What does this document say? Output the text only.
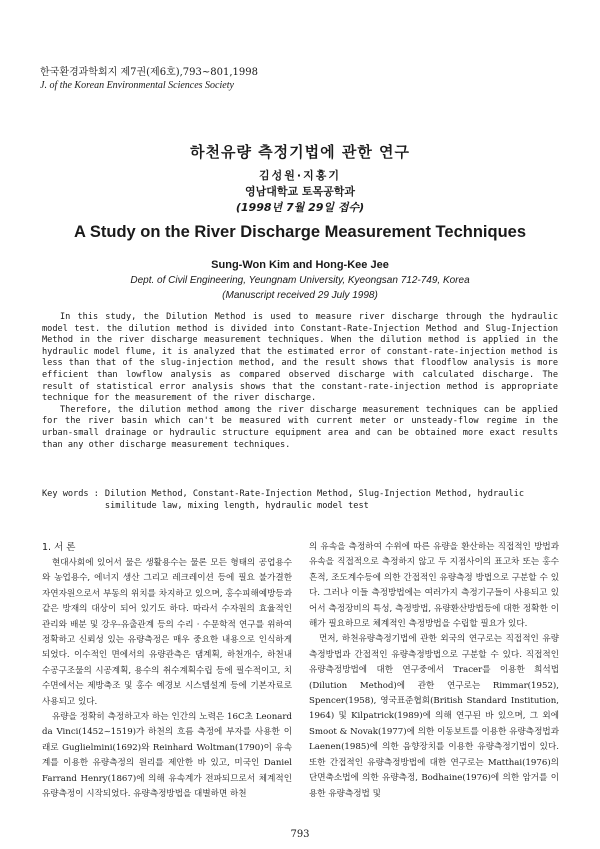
한국환경과학회지 제7권(제6호),793~801,1998
J. of the Korean Environmental Sciences Society
하천유량 측정기법에 관한 연구
김성원·지홍기
영남대학교 토목공학과
(1998년 7월 29일 접수)
A Study on the River Discharge Measurement Techniques
Sung-Won Kim and Hong-Kee Jee
Dept. of Civil Engineering, Yeungnam University, Kyeongsan 712-749, Korea
(Manuscript received 29 July 1998)

In this study, the Dilution Method is used to measure river discharge through the hydraulic model test. the dilution method is divided into Constant-Rate-Injection Method and Slug-Injection Method in the river discharge measurement techniques. When the dilution method is applied in the hydraulic model flume, it is analyzed that the estimated error of constant-rate-injection method is less than that of the slug-injection method, and the result shows that floodflow analysis is more efficient than lowflow analysis as compared observed discharge with calculated discharge. The result of statistical error analysis shows that the constant-rate-injection method is appropriate technique for the measurement of the river discharge.

Therefore, the dilution method among the river discharge measurement techniques can be applied for the river basin which can't be measured with current meter or unsteady-flow regime in the urban-small drainage or hydraulic structure equipment area and can be obtained more exact results than any other discharge measurement techniques.

Key words : Dilution Method, Constant-Rate-Injection Method, Slug-Injection Method, hydraulic similitude law, mixing length, hydraulic model test
1. 서 론

현대사회에 있어서 물은 생활용수는 물론 모든 형태의 공업용수와 농업용수, 에너지 생산 그리고 레크레이션 등에 필요 불가결한 자연자원으로서 부동의 위치를 차지하고 있으며, 홍수피해예방등과 같은 방재의 대상이 되어 있기도 하다. 따라서 수자원의 효율적인 관리와 배분 및 강우-유출관계 등의 수리 · 수문학적 연구를 위하여 정확하고 신뢰성 있는 유량측정은 매우 중요한 내용으로 인식하게 되었다. 이수적인 면에서의 유량관측은 댐계획, 하천개수, 하천내 수공구조물의 시공계획, 용수의 취수계획수립 등에 필수적이고, 치수면에서는 제방축조 및 홍수 예경보 시스템설계 등에 기본자료로 사용되고 있다.

유량을 정확히 측정하고자 하는 인간의 노력은 16C초 Leonard da Vinci(1452~1519)가 하천의 흐름 측정에 부자를 사용한 이래로 Guglielmini(1692)와 Reinhard Woltman(1790)이 유속계를 이용한 유량측정의 원리를 제안한 바 있고, 미국인 Daniel Farrand Henry(1867)에 의해 유속계가 전파되므로서 체계적인 유량측정이 시작되었다. 유량측정방법을 대별하면 하천

의 유속을 측정하여 수위에 따른 유량을 환산하는 직접적인 방법과 유속을 직접적으로 측정하지 않고 두 지점사이의 표고차 또는 홍수흔적, 조도계수등에 의한 간접적인 유량측정 방법으로 구분할 수 있다. 그러나 이들 측정방법에는 여러가지 측정기구들이 사용되고 있어서 측정장비의 특성, 측정방법, 유량환산방법등에 대한 정확한 이해가 필요하므로 체계적인 측정방법을 수립할 필요가 있다.

먼저, 하천유량측정기법에 관한 외국의 연구로는 직접적인 유량측정방법과 간접적인 유량측정방법으로 구분할 수 있다. 직접적인 유량측정방법에 대한 연구중에서 Tracer를 이용한 희석법(Dilution Method)에 관한 연구로는 Rimmar(1952), Spencer(1958), 영국표준협회(British Standard Institution, 1964) 및 Kilpatrick(1989)에 의해 연구된 바 있으며, 그 외에 Smoot & Novak(1977)에 의한 이동보트를 이용한 유량측정법과 Laenen(1985)에 의한 음향장치를 이용한 유량측정기법이 있다.또한 간접적인 유량측정방법에 대한 연구로는 Matthai(1976)의 단면축소법에 의한 유량측정, Bodhaine(1976)에 의한 암거를 이용한 유량측정법 및

793
